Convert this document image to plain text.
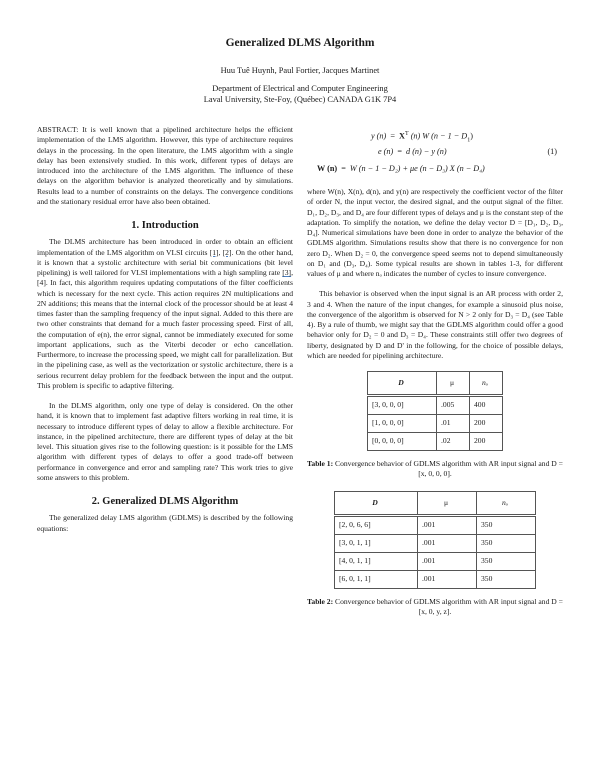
Generalized DLMS Algorithm
Huu Tuê Huynh, Paul Fortier, Jacques Martinet
Department of Electrical and Computer Engineering
Laval University, Ste-Foy, (Québec) CANADA G1K 7P4

ABSTRACT: It is well known that a pipelined architecture helps the efficient implementation of the LMS algorithm. However, this type of architecture requires delays in the processing. In the open literature, the LMS algorithm with a single delay has been extensively studied. In this work, different types of delays are introduced into the architecture of the LMS algorithm. The influence of these delays on the algorithm behavior is analyzed theoretically and by simulations. Results lead to a number of constraints on the delays. The convergence conditions and the stationary residual error have also been obtained.

1. Introduction

The DLMS architecture has been introduced in order to obtain an efficient implementation of the LMS algorithm on VLSI circuits [1], [2]. On the other hand, it is known that a systolic architecture with serial bit communications (bit level pipelining) is well tailored for VLSI implementations with a high sampling rate [3], [4]. In fact, this algorithm requires updating computations of the filter coefficients which is necessary for the next cycle. This action requires 2N multiplications and 2N additions; this means that the internal clock of the processor should be at least 4 times faster than the sampling frequency of the input signal. Added to this there are two other constraints that demand for a much faster processing speed. First of all, the computation of e(n), the error signal, cannot be immediately executed for some important applications, such as the Viterbi decoder or echo cancellation. Furthermore, to increase the processing speed, we might call for parallelization. But in the pipelining case, as well as the vectorization or systolic architecture, there is a serious recurrent delay problem for the feedback between the input and the output. This problem is specific to adaptive filtering.

In the DLMS algorithm, only one type of delay is considered. On the other hand, it is known that to implement fast adaptive filters working in real time, it is necessary to introduce different types of delay to allow a flexible architecture. For instance, in the pipelined architecture, there are different types of delay at the bit level. This situation gives rise to the following question: is it possible for the LMS algorithm with different types of delays to offer a good trade-off between performance in convergence and error and sampling rate? This work tries to give some answers to this problem.

2. Generalized DLMS Algorithm

The generalized delay LMS algorithm (GDLMS) is described by the following equations:

y $(n) = X^T$ (n) W $(n - 1 - D_1)$
e (n)  =  d (n) − y (n)
W (n)  =  W (n − 1 − D₂) + μe (n − D₃) X (n − D₄)
(1)

where W(n), X(n), d(n), and y(n) are respectively the coefficient vector of the filter of order N, the input vector, the desired signal, and the output signal of the filter. D₁, D₂, D₃, and D₄ are four different types of delays and μ is the constant step of the adaptation. To simplify the notation, we define the delay vector D = [D₁, D₂, D₃, D₄]. Numerical simulations have been done in order to analyze the behavior of the GDLMS algorithm. Simulations results show that there is no convergence for non zero D₂. When D₂ = 0, the convergence speed seems not to depend simultaneously on D₁ and (D₃, D₄). Some typical results are shown in tables 1-3, for different values of μ and where nₒ indicates the number of cycles to insure convergence.

This behavior is observed when the input signal is an AR process with order 2, 3 and 4. When the nature of the input changes, for example a sinusoid plus noise, the convergence of the algorithm is observed for N > 2 only for D₃ = D₄ (see Table 4). By a rule of thumb, we might say that the GDLMS algorithm could offer a good behavior only for D₂ = 0 and D₃ = D₄. These constraints still offer two degrees of liberty, designated by D and D' in the following, for the choice of possible delays, which are needed for pipelining architecture.

D	μ	nₒ
[3, 0, 0, 0]	.005	400
[1, 0, 0, 0]	.01	200
[0, 0, 0, 0]	.02	200
Table 1: Convergence behavior of GDLMS algorithm with AR input signal and D = [x, 0, 0, 0].
D	μ	nₒ
[2, 0, 6, 6]	.001	350
[3, 0, 1, 1]	.001	350
[4, 0, 1, 1]	.001	350
[6, 0, 1, 1]	.001	350
Table 2: Convergence behavior of GDLMS algorithm with AR input signal and D = [x, 0, y, z].
